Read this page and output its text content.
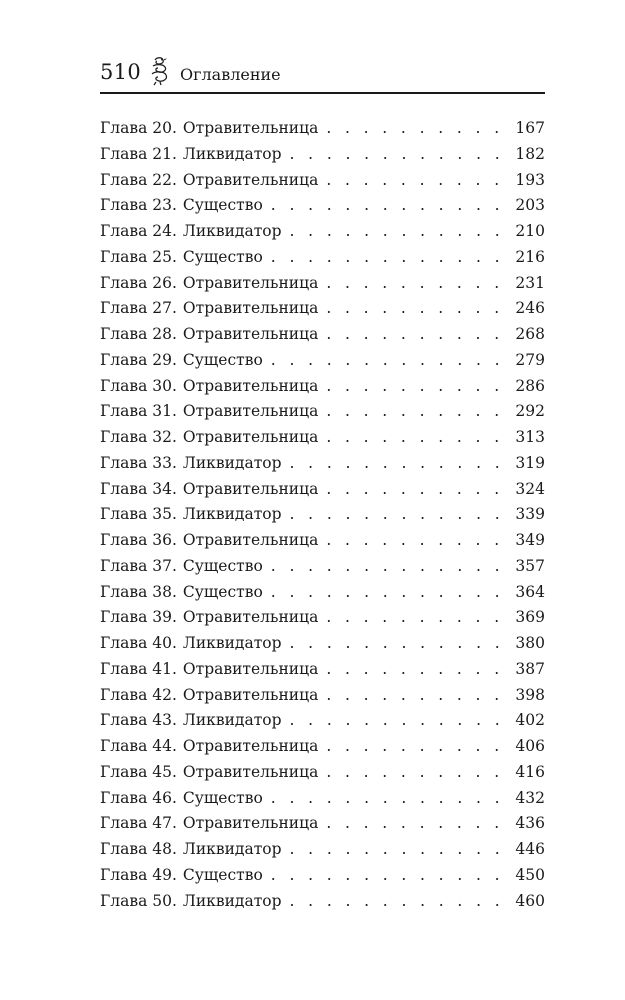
510 Оглавление
Глава 20. Отравительница . . .	167
Глава 21. Ликвидатор . . .	182
Глава 22. Отравительница . . .	193
Глава 23. Существо . . .	203
Глава 24. Ликвидатор . . .	210
Глава 25. Существо . . .	216
Глава 26. Отравительница . . .	231
Глава 27. Отравительница . . .	246
Глава 28. Отравительница . . .	268
Глава 29. Существо . . .	279
Глава 30. Отравительница . . .	286
Глава 31. Отравительница . . .	292
Глава 32. Отравительница . . .	313
Глава 33. Ликвидатор . . .	319
Глава 34. Отравительница . . .	324
Глава 35. Ликвидатор . . .	339
Глава 36. Отравительница . . .	349
Глава 37. Существо . . .	357
Глава 38. Существо . . .	364
Глава 39. Отравительница . . .	369
Глава 40. Ликвидатор . . .	380
Глава 41. Отравительница . . .	387
Глава 42. Отравительница . . .	398
Глава 43. Ликвидатор . . .	402
Глава 44. Отравительница . . .	406
Глава 45. Отравительница . . .	416
Глава 46. Существо . . .	432
Глава 47. Отравительница . . .	436
Глава 48. Ликвидатор . . .	446
Глава 49. Существо . . .	450
Глава 50. Ликвидатор . . .	460
